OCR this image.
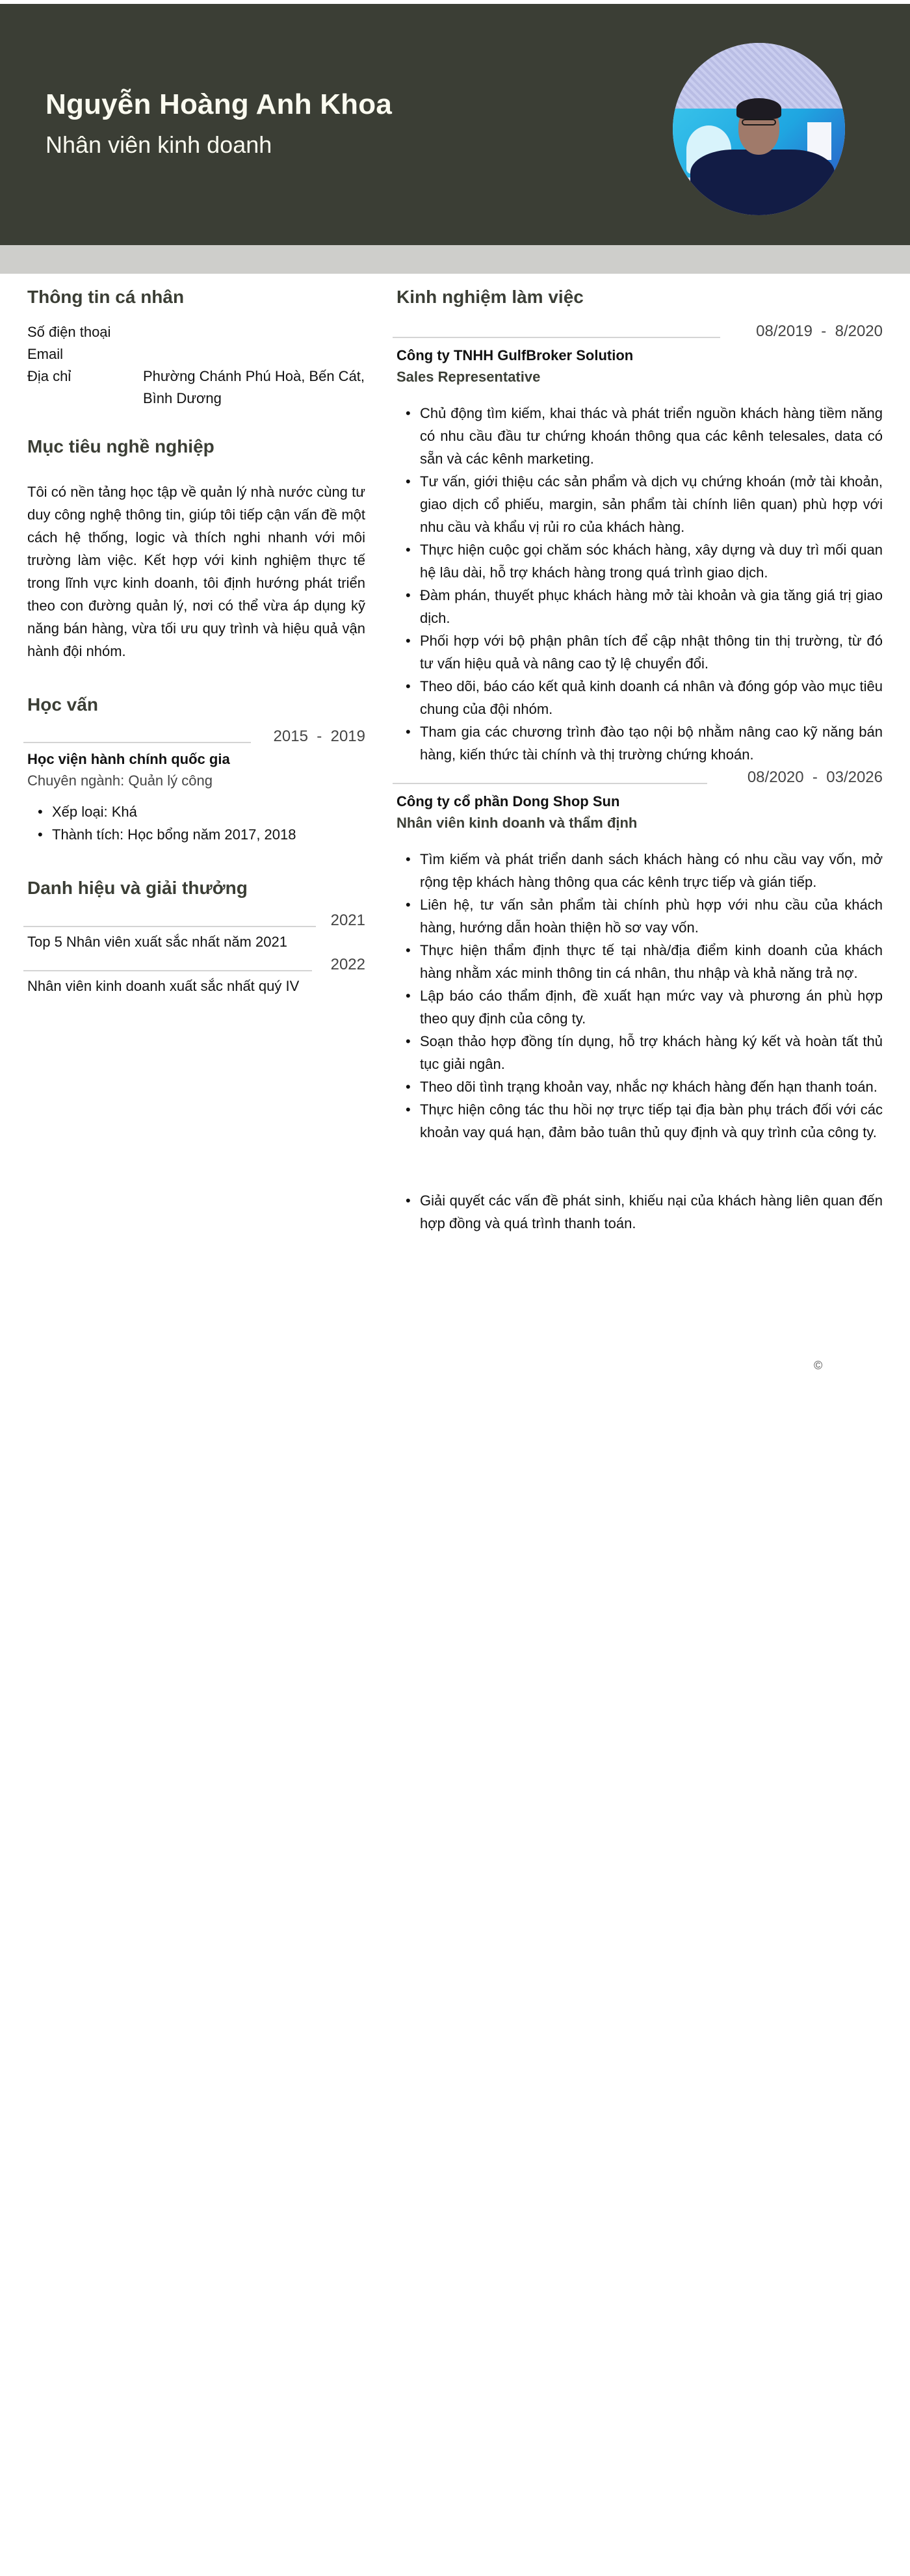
Nguyễn Hoàng Anh Khoa
Nhân viên kinh doanh
Thông tin cá nhân
Số điện thoại
Email
Địa chỉ	Phường Chánh Phú Hoà, Bến Cát, Bình Dương
Mục tiêu nghề nghiệp

Tôi có nền tảng học tập về quản lý nhà nước cùng tư duy công nghệ thông tin, giúp tôi tiếp cận vấn đề một cách hệ thống, logic và thích nghi nhanh với môi trường làm việc. Kết hợp với kinh nghiệm thực tế trong lĩnh vực kinh doanh, tôi định hướng phát triển theo con đường quản lý, nơi có thể vừa áp dụng kỹ năng bán hàng, vừa tối ưu quy trình và hiệu quả vận hành đội nhóm.

Học vấn
2015  -  2019
Học viện hành chính quốc gia
Chuyên ngành: Quản lý công
• Xếp loại: Khá
• Thành tích: Học bổng năm 2017, 2018
Danh hiệu và giải thưởng
2021
Top 5 Nhân viên xuất sắc nhất năm 2021
2022
Nhân viên kinh doanh xuất sắc nhất quý IV
Kinh nghiệm làm việc
08/2019  -  8/2020
Công ty TNHH GulfBroker Solution
Sales Representative
• Chủ động tìm kiếm, khai thác và phát triển nguồn khách hàng tiềm năng có nhu cầu đầu tư chứng khoán thông qua các kênh telesales, data có sẵn và các kênh marketing.
• Tư vấn, giới thiệu các sản phẩm và dịch vụ chứng khoán (mở tài khoản, giao dịch cổ phiếu, margin, sản phẩm tài chính liên quan) phù hợp với nhu cầu và khẩu vị rủi ro của khách hàng.
• Thực hiện cuộc gọi chăm sóc khách hàng, xây dựng và duy trì mối quan hệ lâu dài, hỗ trợ khách hàng trong quá trình giao dịch.
• Đàm phán, thuyết phục khách hàng mở tài khoản và gia tăng giá trị giao dịch.
• Phối hợp với bộ phận phân tích để cập nhật thông tin thị trường, từ đó tư vấn hiệu quả và nâng cao tỷ lệ chuyển đổi.
• Theo dõi, báo cáo kết quả kinh doanh cá nhân và đóng góp vào mục tiêu chung của đội nhóm.
• Tham gia các chương trình đào tạo nội bộ nhằm nâng cao kỹ năng bán hàng, kiến thức tài chính và thị trường chứng khoán.
08/2020  -  03/2026
Công ty cổ phần Dong Shop Sun
Nhân viên kinh doanh và thẩm định
• Tìm kiếm và phát triển danh sách khách hàng có nhu cầu vay vốn, mở rộng tệp khách hàng thông qua các kênh trực tiếp và gián tiếp.
• Liên hệ, tư vấn sản phẩm tài chính phù hợp với nhu cầu của khách hàng, hướng dẫn hoàn thiện hồ sơ vay vốn.
• Thực hiện thẩm định thực tế tại nhà/địa điểm kinh doanh của khách hàng nhằm xác minh thông tin cá nhân, thu nhập và khả năng trả nợ.
• Lập báo cáo thẩm định, đề xuất hạn mức vay và phương án phù hợp theo quy định của công ty.
• Soạn thảo hợp đồng tín dụng, hỗ trợ khách hàng ký kết và hoàn tất thủ tục giải ngân.
• Theo dõi tình trạng khoản vay, nhắc nợ khách hàng đến hạn thanh toán.
• Thực hiện công tác thu hồi nợ trực tiếp tại địa bàn phụ trách đối với các khoản vay quá hạn, đảm bảo tuân thủ quy định và quy trình của công ty.
• Giải quyết các vấn đề phát sinh, khiếu nại của khách hàng liên quan đến hợp đồng và quá trình thanh toán.
©
